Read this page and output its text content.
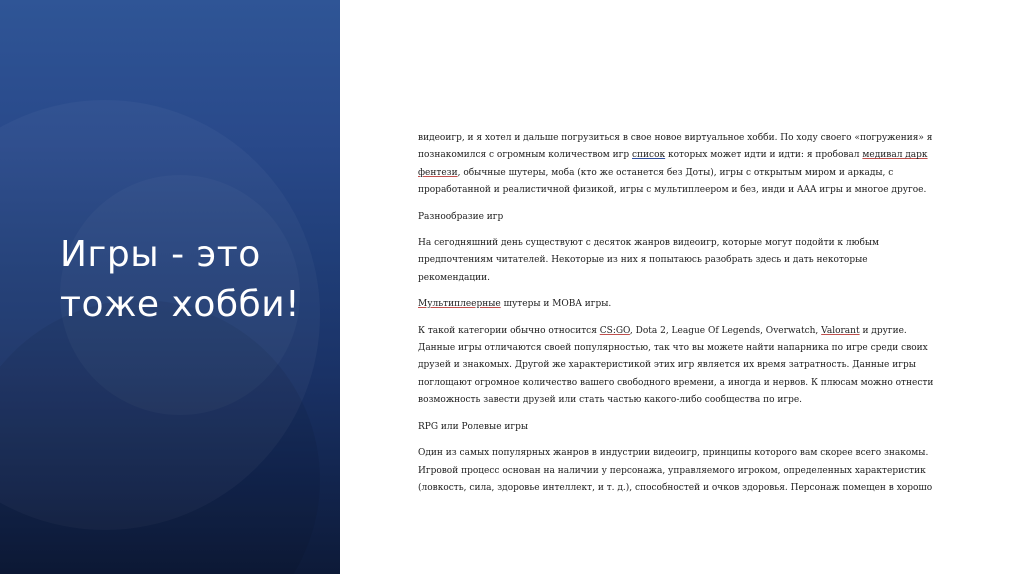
Игры - это тоже хобби!

видеоигр, и я хотел и дальше погрузиться в свое новое виртуальное хобби. По ходу своего «погружения» я познакомился с огромным количеством игр список которых может идти и идти: я пробовал медивал дарк фентези, обычные шутеры, моба (кто же останется без Доты), игры с открытым миром и аркады, с проработанной и реалистичной физикой, игры с мультиплеером и без, инди и AAA игры и многое другое.

Разнообразие игр

На сегодняшний день существуют с десяток жанров видеоигр, которые могут подойти к любым предпочтениям читателей. Некоторые из них я попытаюсь разобрать здесь и дать некоторые рекомендации.

Мультиплеерные шутеры и MOBA игры.

К такой категории обычно относится CS:GO, Dota 2, League Of Legends, Overwatch, Valorant и другие. Данные игры отличаются своей популярностью, так что вы можете найти напарника по игре среди своих друзей и знакомых. Другой же характеристикой этих игр является их время затратность. Данные игры поглощают огромное количество вашего свободного времени, а иногда и нервов. К плюсам можно отнести возможность завести друзей или стать частью какого-либо сообщества по игре.

RPG или Ролевые игры

Один из самых популярных жанров в индустрии видеоигр, принципы которого вам скорее всего знакомы. Игровой процесс основан на наличии у персонажа, управляемого игроком, определенных характеристик (ловкость, сила, здоровье интеллект, и т. д.), способностей и очков здоровья. Персонаж помещен в хорошо
